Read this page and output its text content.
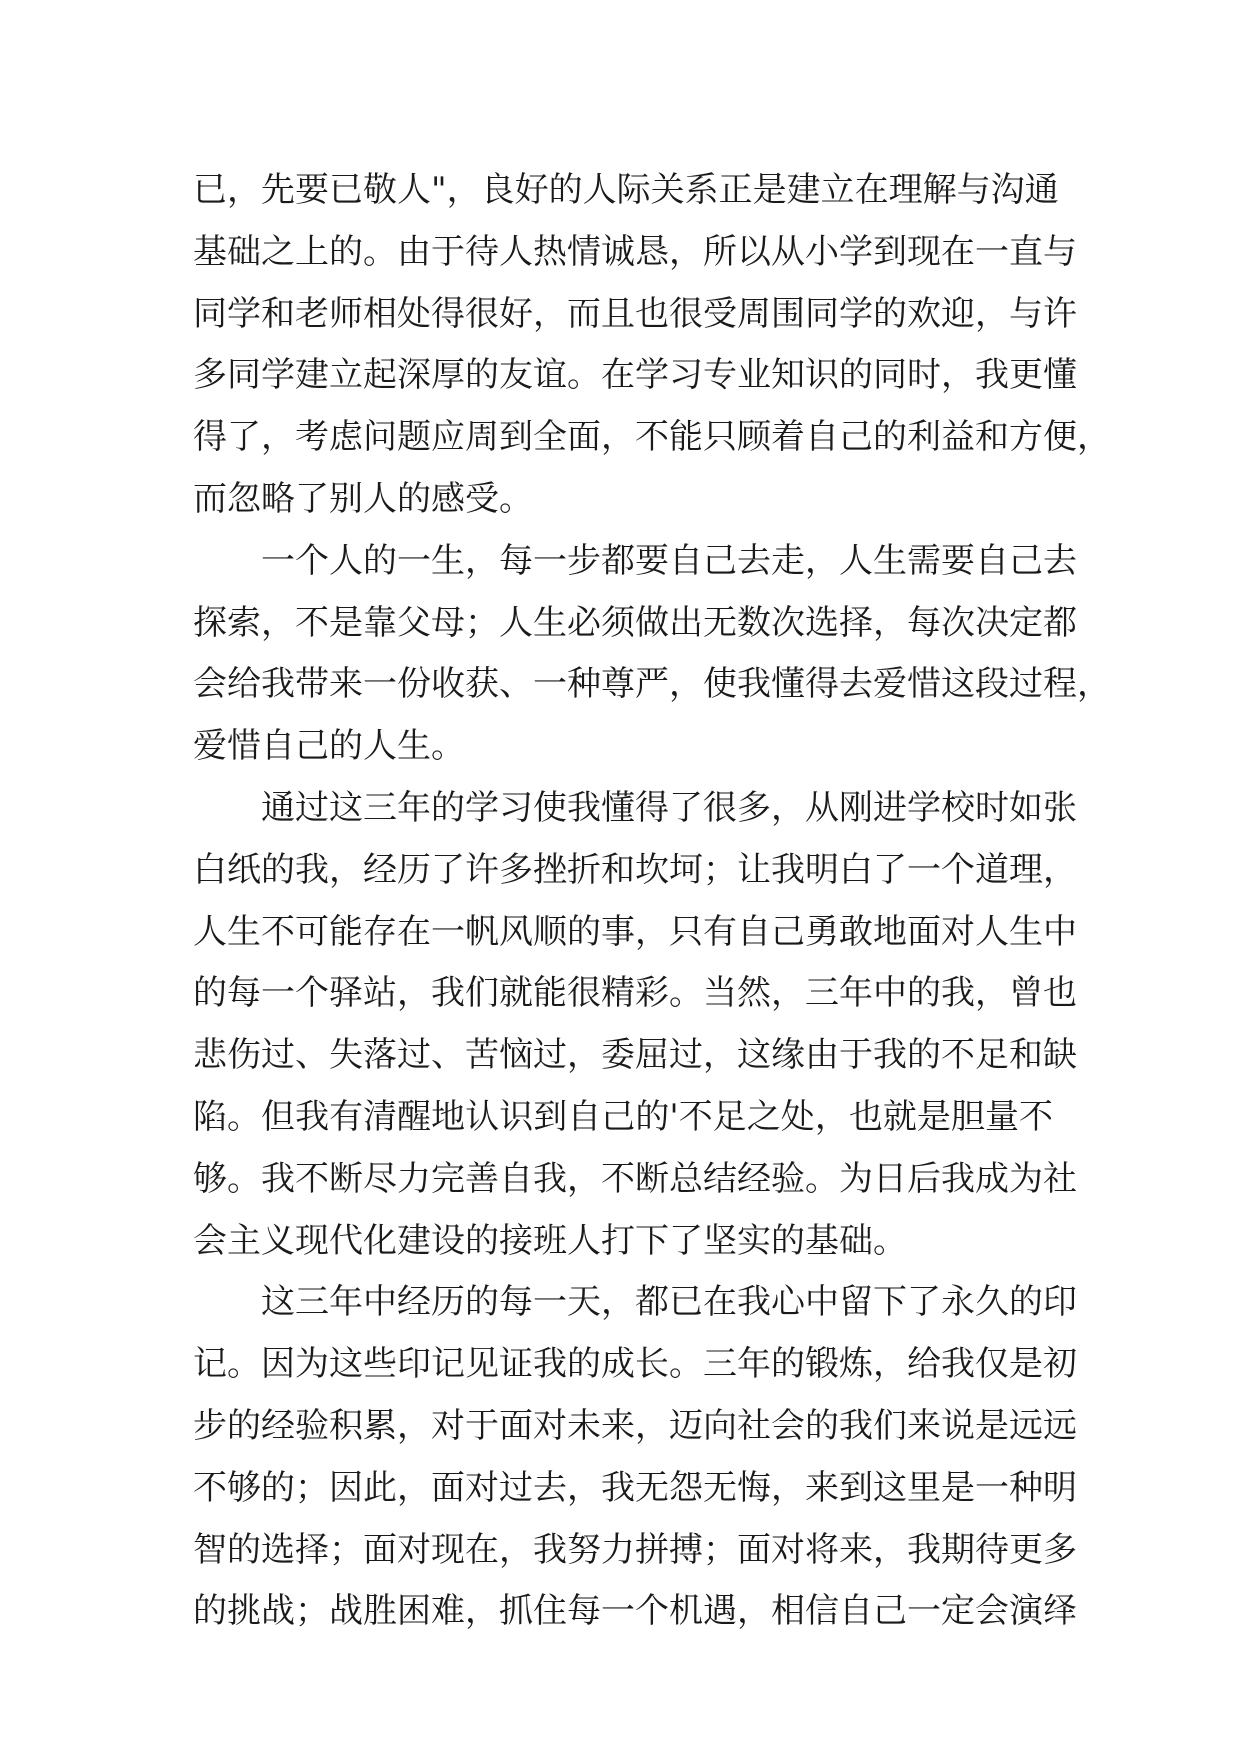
已，先要已敬人"，良好的人际关系正是建立在理解与沟通
基础之上的。由于待人热情诚恳，所以从小学到现在一直与
同学和老师相处得很好，而且也很受周围同学的欢迎，与许
多同学建立起深厚的友谊。在学习专业知识的同时，我更懂
得了，考虑问题应周到全面，不能只顾着自己的利益和方便，
而忽略了别人的感受。
　　一个人的一生，每一步都要自己去走，人生需要自己去
探索，不是靠父母；人生必须做出无数次选择，每次决定都
会给我带来一份收获、一种尊严，使我懂得去爱惜这段过程，
爱惜自己的人生。
　　通过这三年的学习使我懂得了很多，从刚进学校时如张
白纸的我，经历了许多挫折和坎坷；让我明白了一个道理，
人生不可能存在一帆风顺的事，只有自己勇敢地面对人生中
的每一个驿站，我们就能很精彩。当然，三年中的我，曾也
悲伤过、失落过、苦恼过，委屈过，这缘由于我的不足和缺
陷。但我有清醒地认识到自己的'不足之处，也就是胆量不
够。我不断尽力完善自我，不断总结经验。为日后我成为社
会主义现代化建设的接班人打下了坚实的基础。
　　这三年中经历的每一天，都已在我心中留下了永久的印
记。因为这些印记见证我的成长。三年的锻炼，给我仅是初
步的经验积累，对于面对未来，迈向社会的我们来说是远远
不够的；因此，面对过去，我无怨无悔，来到这里是一种明
智的选择；面对现在，我努力拼搏；面对将来，我期待更多
的挑战；战胜困难，抓住每一个机遇，相信自己一定会演绎
